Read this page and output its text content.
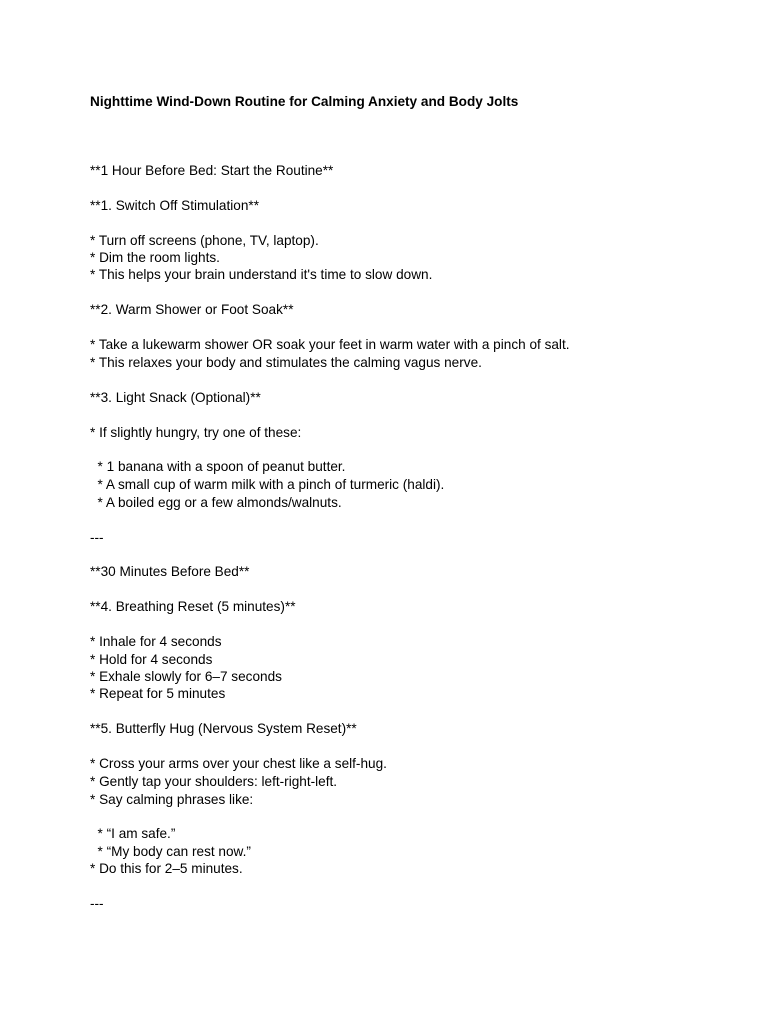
Nighttime Wind-Down Routine for Calming Anxiety and Body Jolts
**1 Hour Before Bed: Start the Routine**
**1. Switch Off Stimulation**
* Turn off screens (phone, TV, laptop).
* Dim the room lights.
* This helps your brain understand it's time to slow down.
**2. Warm Shower or Foot Soak**
* Take a lukewarm shower OR soak your feet in warm water with a pinch of salt.
* This relaxes your body and stimulates the calming vagus nerve.
**3. Light Snack (Optional)**
* If slightly hungry, try one of these:
* 1 banana with a spoon of peanut butter.
* A small cup of warm milk with a pinch of turmeric (haldi).
* A boiled egg or a few almonds/walnuts.
---
**30 Minutes Before Bed**
**4. Breathing Reset (5 minutes)**
* Inhale for 4 seconds
* Hold for 4 seconds
* Exhale slowly for 6–7 seconds
* Repeat for 5 minutes
**5. Butterfly Hug (Nervous System Reset)**
* Cross your arms over your chest like a self-hug.
* Gently tap your shoulders: left-right-left.
* Say calming phrases like:
* “I am safe.”
* “My body can rest now.”
* Do this for 2–5 minutes.
---
